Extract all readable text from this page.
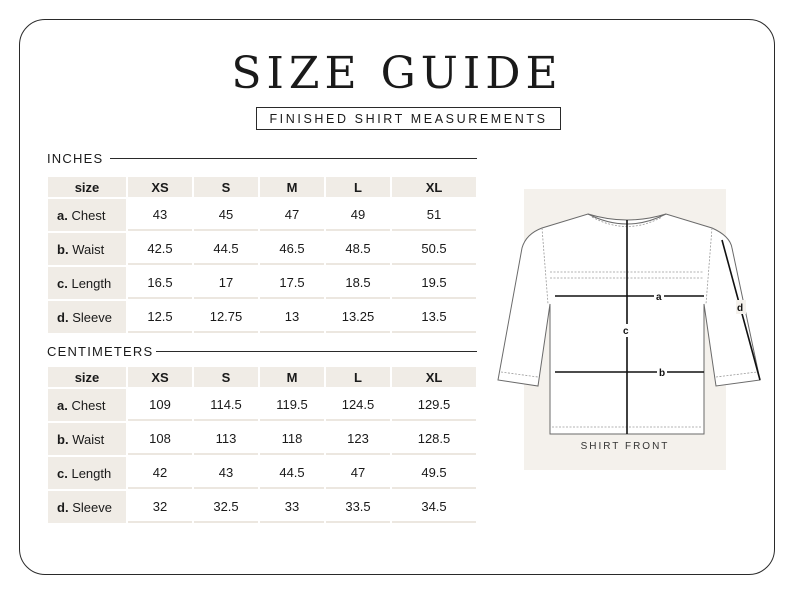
SIZE GUIDE
FINISHED SHIRT MEASUREMENTS
INCHES
size	XS	S	M	L	XL
a. Chest	43	45	47	49	51
b. Waist	42.5	44.5	46.5	48.5	50.5
c. Length	16.5	17	17.5	18.5	19.5
d. Sleeve	12.5	12.75	13	13.25	13.5
CENTIMETERS
size	XS	S	M	L	XL
a. Chest	109	114.5	119.5	124.5	129.5
b. Waist	108	113	118	123	128.5
c. Length	42	43	44.5	47	49.5
d. Sleeve	32	32.5	33	33.5	34.5
a
b
c
d
SHIRT FRONT
